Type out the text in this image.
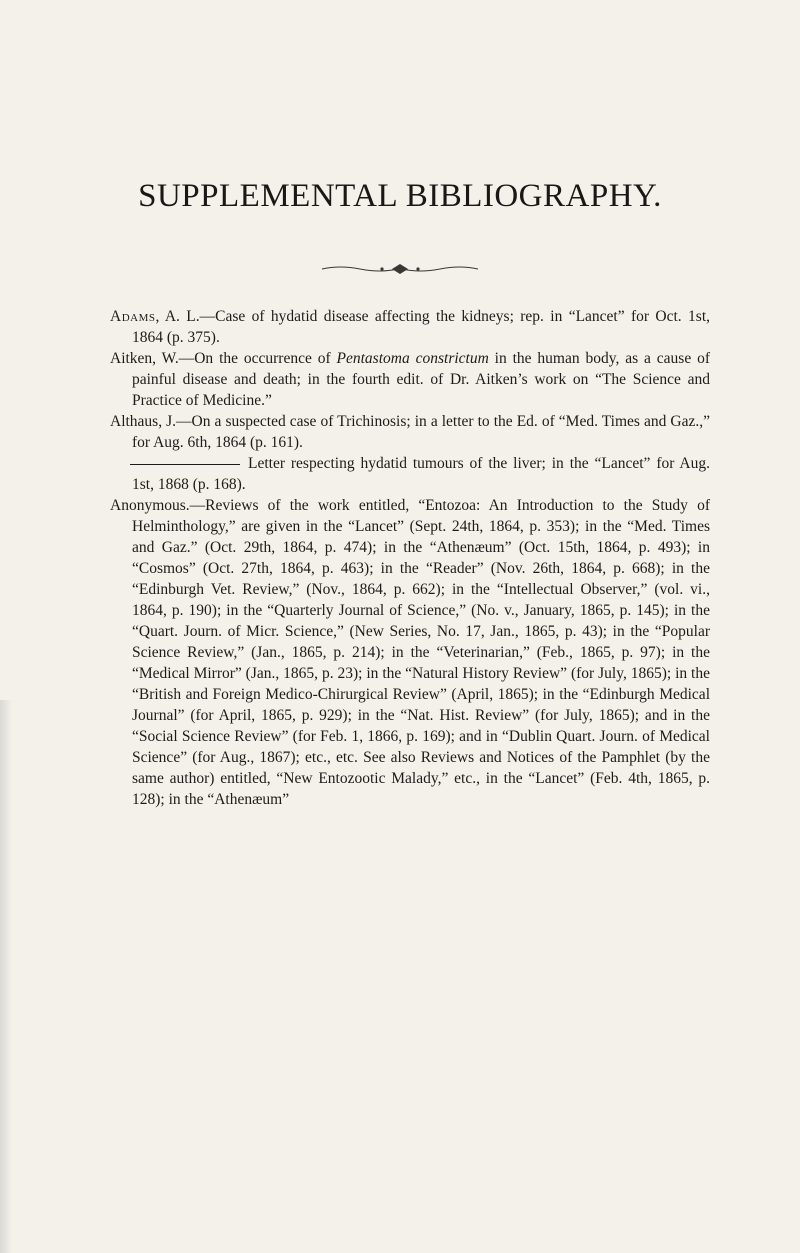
SUPPLEMENTAL BIBLIOGRAPHY.

Adams, A. L.—Case of hydatid disease affecting the kidneys; rep. in “Lancet” for Oct. 1st, 1864 (p. 375).

Aitken, W.—On the occurrence of Pentastoma constrictum in the human body, as a cause of painful disease and death; in the fourth edit. of Dr. Aitken’s work on “The Science and Practice of Medicine.”

Althaus, J.—On a suspected case of Trichinosis; in a letter to the Ed. of “Med. Times and Gaz.,” for Aug. 6th, 1864 (p. 161).

Letter respecting hydatid tumours of the liver; in the “Lancet” for Aug. 1st, 1868 (p. 168).

Anonymous.—Reviews of the work entitled, “Entozoa: An Introduction to the Study of Helminthology,” are given in the “Lancet” (Sept. 24th, 1864, p. 353); in the “Med. Times and Gaz.” (Oct. 29th, 1864, p. 474); in the “Athenæum” (Oct. 15th, 1864, p. 493); in “Cosmos” (Oct. 27th, 1864, p. 463); in the “Reader” (Nov. 26th, 1864, p. 668); in the “Edinburgh Vet. Review,” (Nov., 1864, p. 662); in the “Intellectual Observer,” (vol. vi., 1864, p. 190); in the “Quarterly Journal of Science,” (No. v., January, 1865, p. 145); in the “Quart. Journ. of Micr. Science,” (New Series, No. 17, Jan., 1865, p. 43); in the “Popular Science Review,” (Jan., 1865, p. 214); in the “Veterinarian,” (Feb., 1865, p. 97); in the “Medical Mirror” (Jan., 1865, p. 23); in the “Natural History Review” (for July, 1865); in the “British and Foreign Medico-Chirurgical Review” (April, 1865); in the “Edinburgh Medical Journal” (for April, 1865, p. 929); in the “Nat. Hist. Review” (for July, 1865); and in the “Social Science Review” (for Feb. 1, 1866, p. 169); and in “Dublin Quart. Journ. of Medical Science” (for Aug., 1867); etc., etc. See also Reviews and Notices of the Pamphlet (by the same author) entitled, “New Entozootic Malady,” etc., in the “Lancet” (Feb. 4th, 1865, p. 128); in the “Athenæum”
